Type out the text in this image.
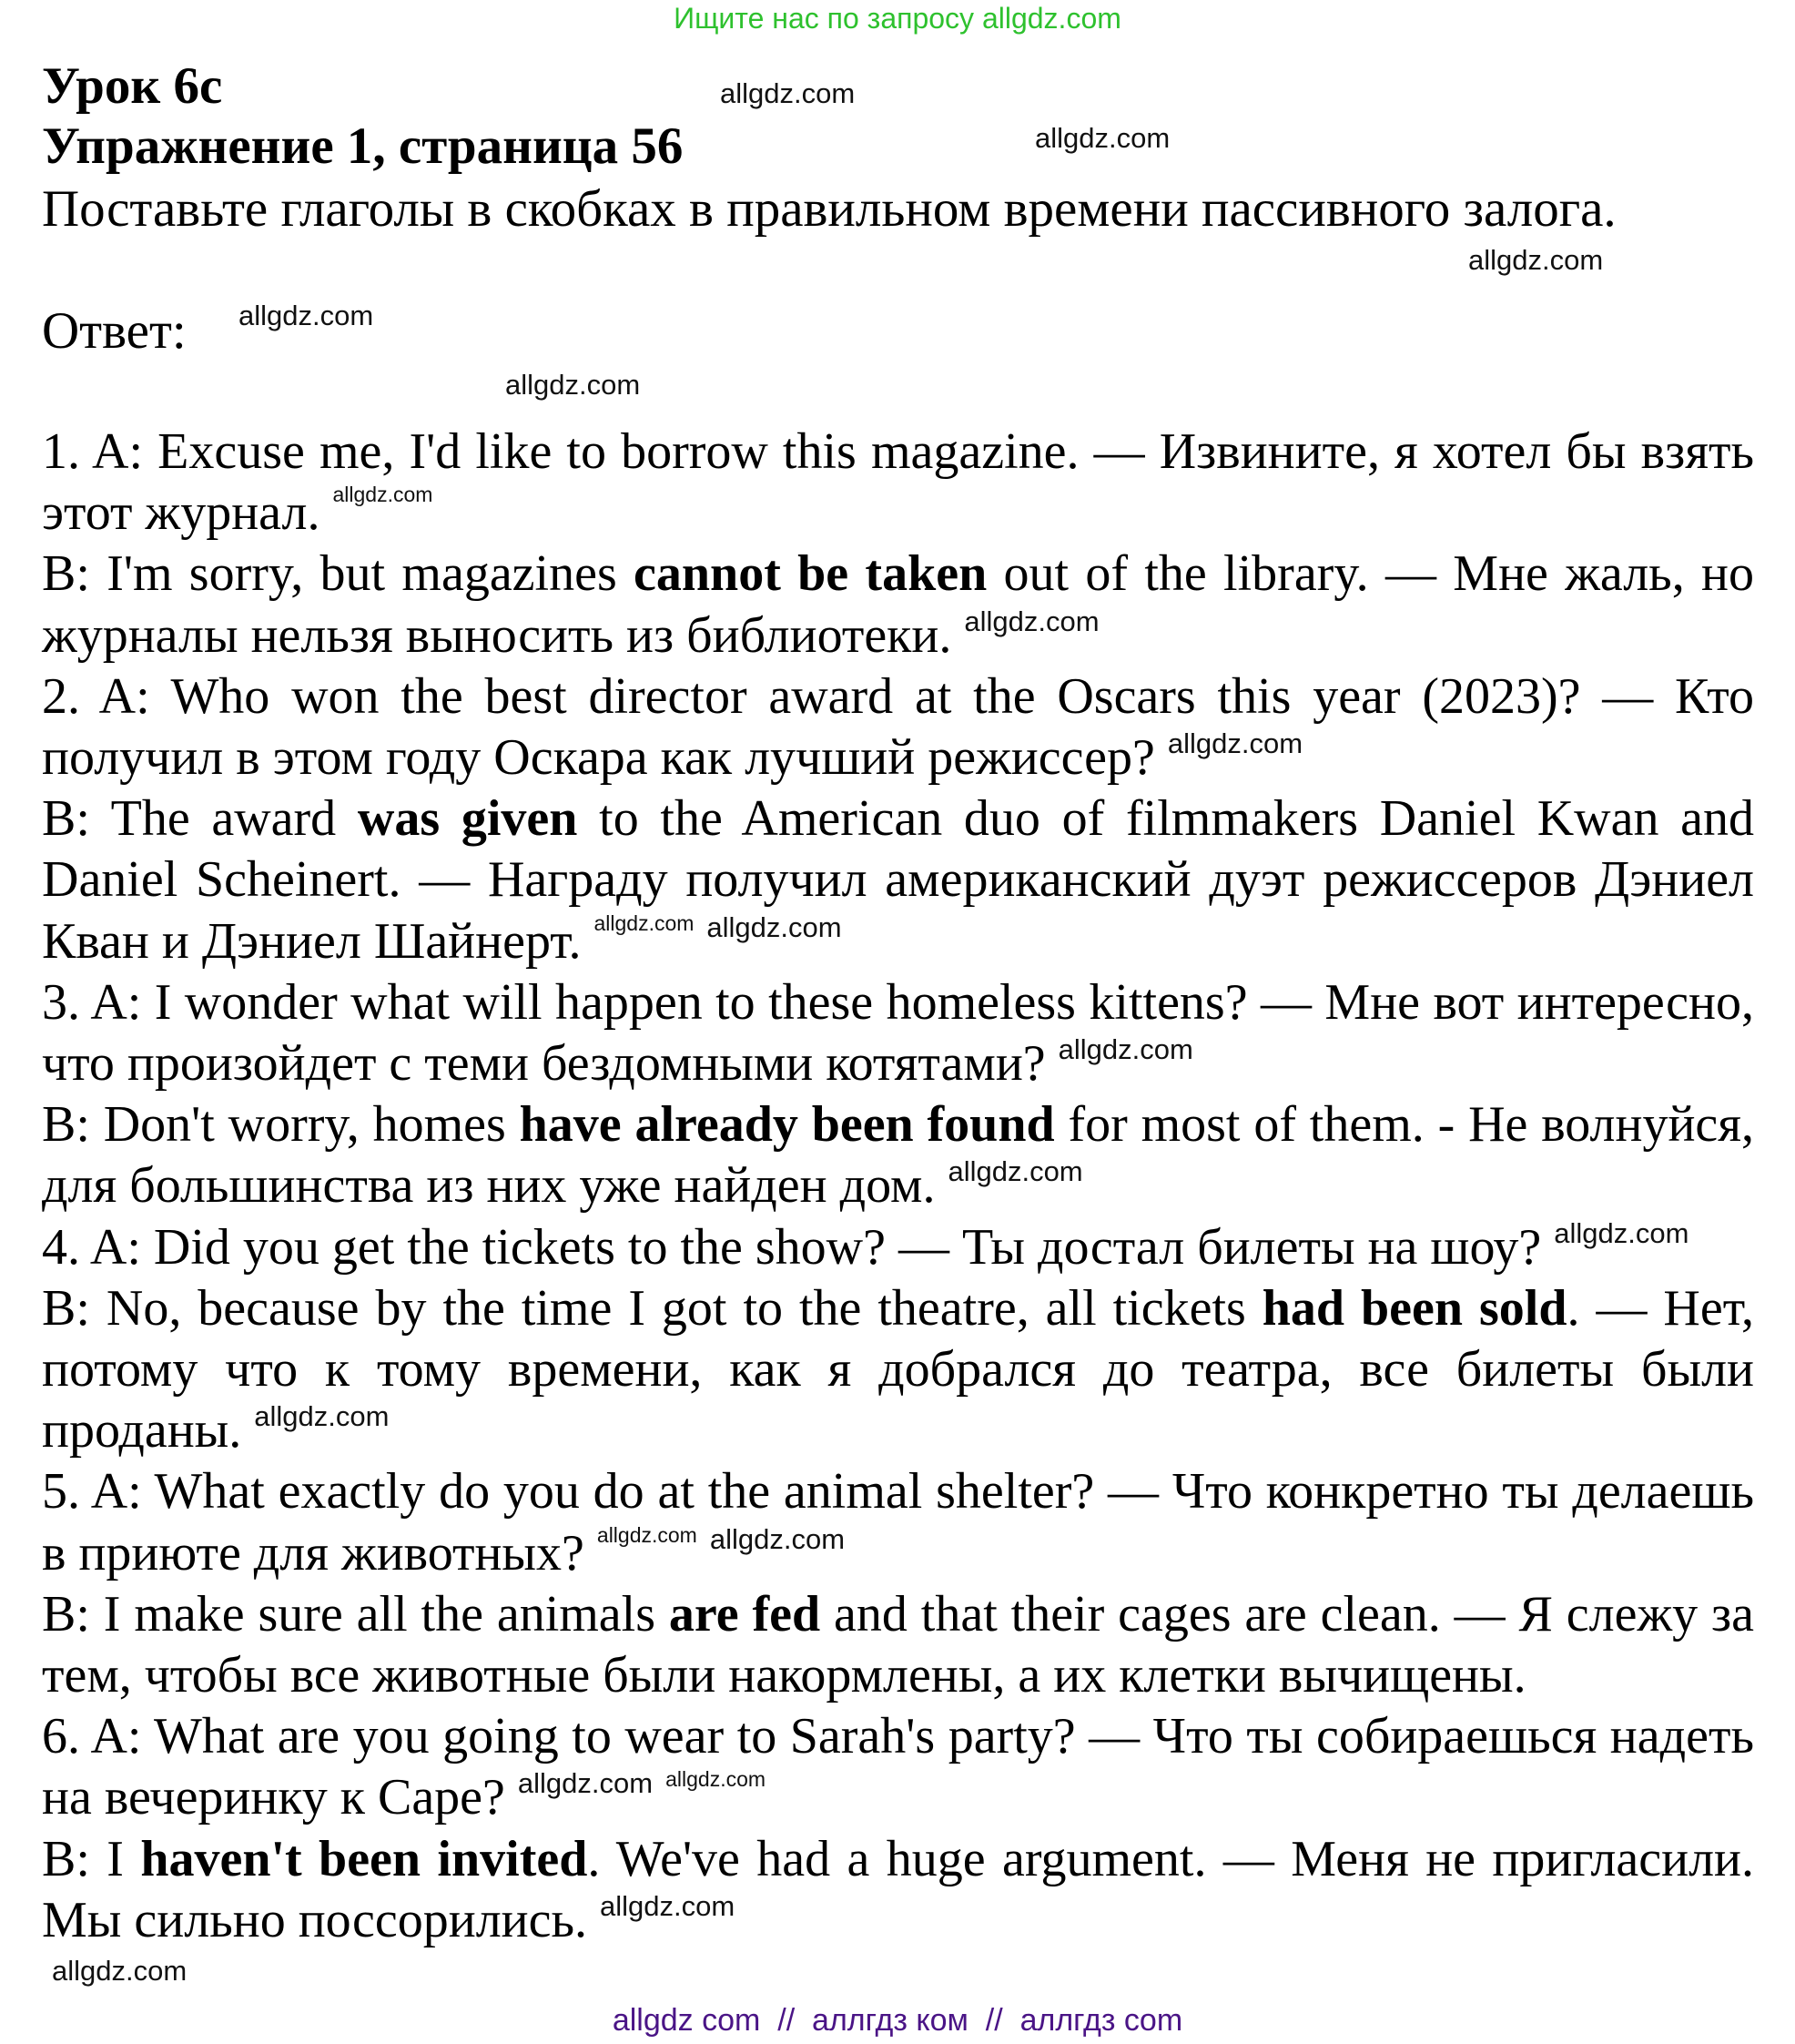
Ищите нас по запросу allgdz.com
Урок 6с
Упражнение 1, страница 56
Поставьте глаголы в скобках в правильном времени пассивного залога.
Ответ:
allgdz.com
allgdz.com
allgdz.com
allgdz.com
allgdz.com

1. A: Excuse me, I'd like to borrow this magazine. — Извините, я хотел бы взять этот журнал. $^{allgdz.com}$

B: I'm sorry, but magazines cannot be taken out of the library. — Мне жаль, но журналы нельзя выносить из библиотеки. $^{allgdz.com}$

2. A: Who won the best director award at the Oscars this year (2023)? — Кто получил в этом году Оскара как лучший режиссер? $^{allgdz.com}$

B: The award was given to the American duo of filmmakers Daniel Kwan and Daniel Scheinert. — Награду получил американский дуэт режиссеров Дэниел Кван и Дэниел Шайнерт. $^{allgdz.com}$ $^{allgdz.com}$

3. A: I wonder what will happen to these homeless kittens? — Мне вот интересно, что произойдет с теми бездомными котятами? $^{allgdz.com}$

B: Don't worry, homes have already been found for most of them. - Не волнуйся, для большинства из них уже найден дом. $^{allgdz.com}$

4. A: Did you get the tickets to the show? — Ты достал билеты на шоу? $^{allgdz.com}$

B: No, because by the time I got to the theatre, all tickets had been sold. — Нет, потому что к тому времени, как я добрался до театра, все билеты были проданы. $^{allgdz.com}$

5. A: What exactly do you do at the animal shelter? — Что конкретно ты делаешь в приюте для животных? $^{allgdz.com}$ $^{allgdz.com}$

B: I make sure all the animals are fed and that their cages are clean. — Я слежу за тем, чтобы все животные были накормлены, а их клетки вычищены.

6. A: What are you going to wear to Sarah's party? — Что ты собираешься надеть на вечеринку к Саре? $^{allgdz.com}$ $^{allgdz.com}$

B: I haven't been invited. We've had a huge argument. — Меня не пригласили. Мы сильно поссорились. $^{allgdz.com}$

allgdz.com
allgdz com  //  аллгдз ком  //  аллгдз com
